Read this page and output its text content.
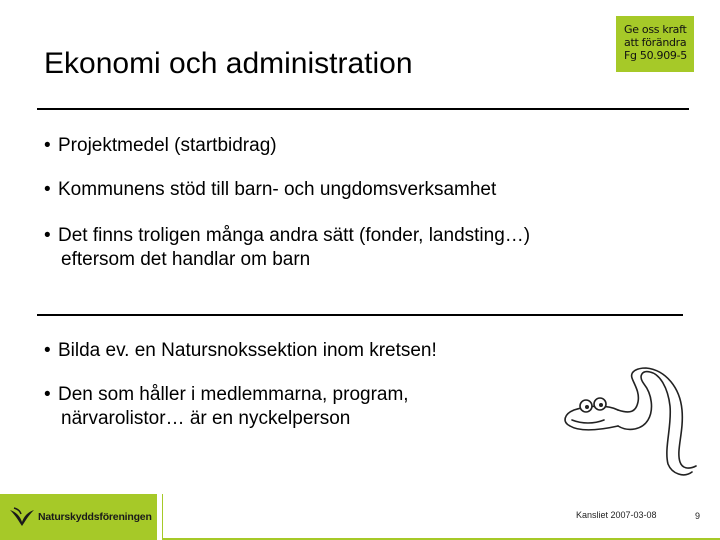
Ekonomi och administration
Ge oss kraft
att förändra
Fg 50.909-5
• Projektmedel (startbidrag)
• Kommunens stöd till barn- och ungdomsverksamhet
• Det finns troligen många andra sätt (fonder, landsting…)
eftersom det handlar om barn
• Bilda ev. en Natursnokssektion inom kretsen!
• Den som håller i medlemmarna, program,
närvarolistor… är en nyckelperson
Naturskyddsföreningen	Kansliet 2007-03-08	9
